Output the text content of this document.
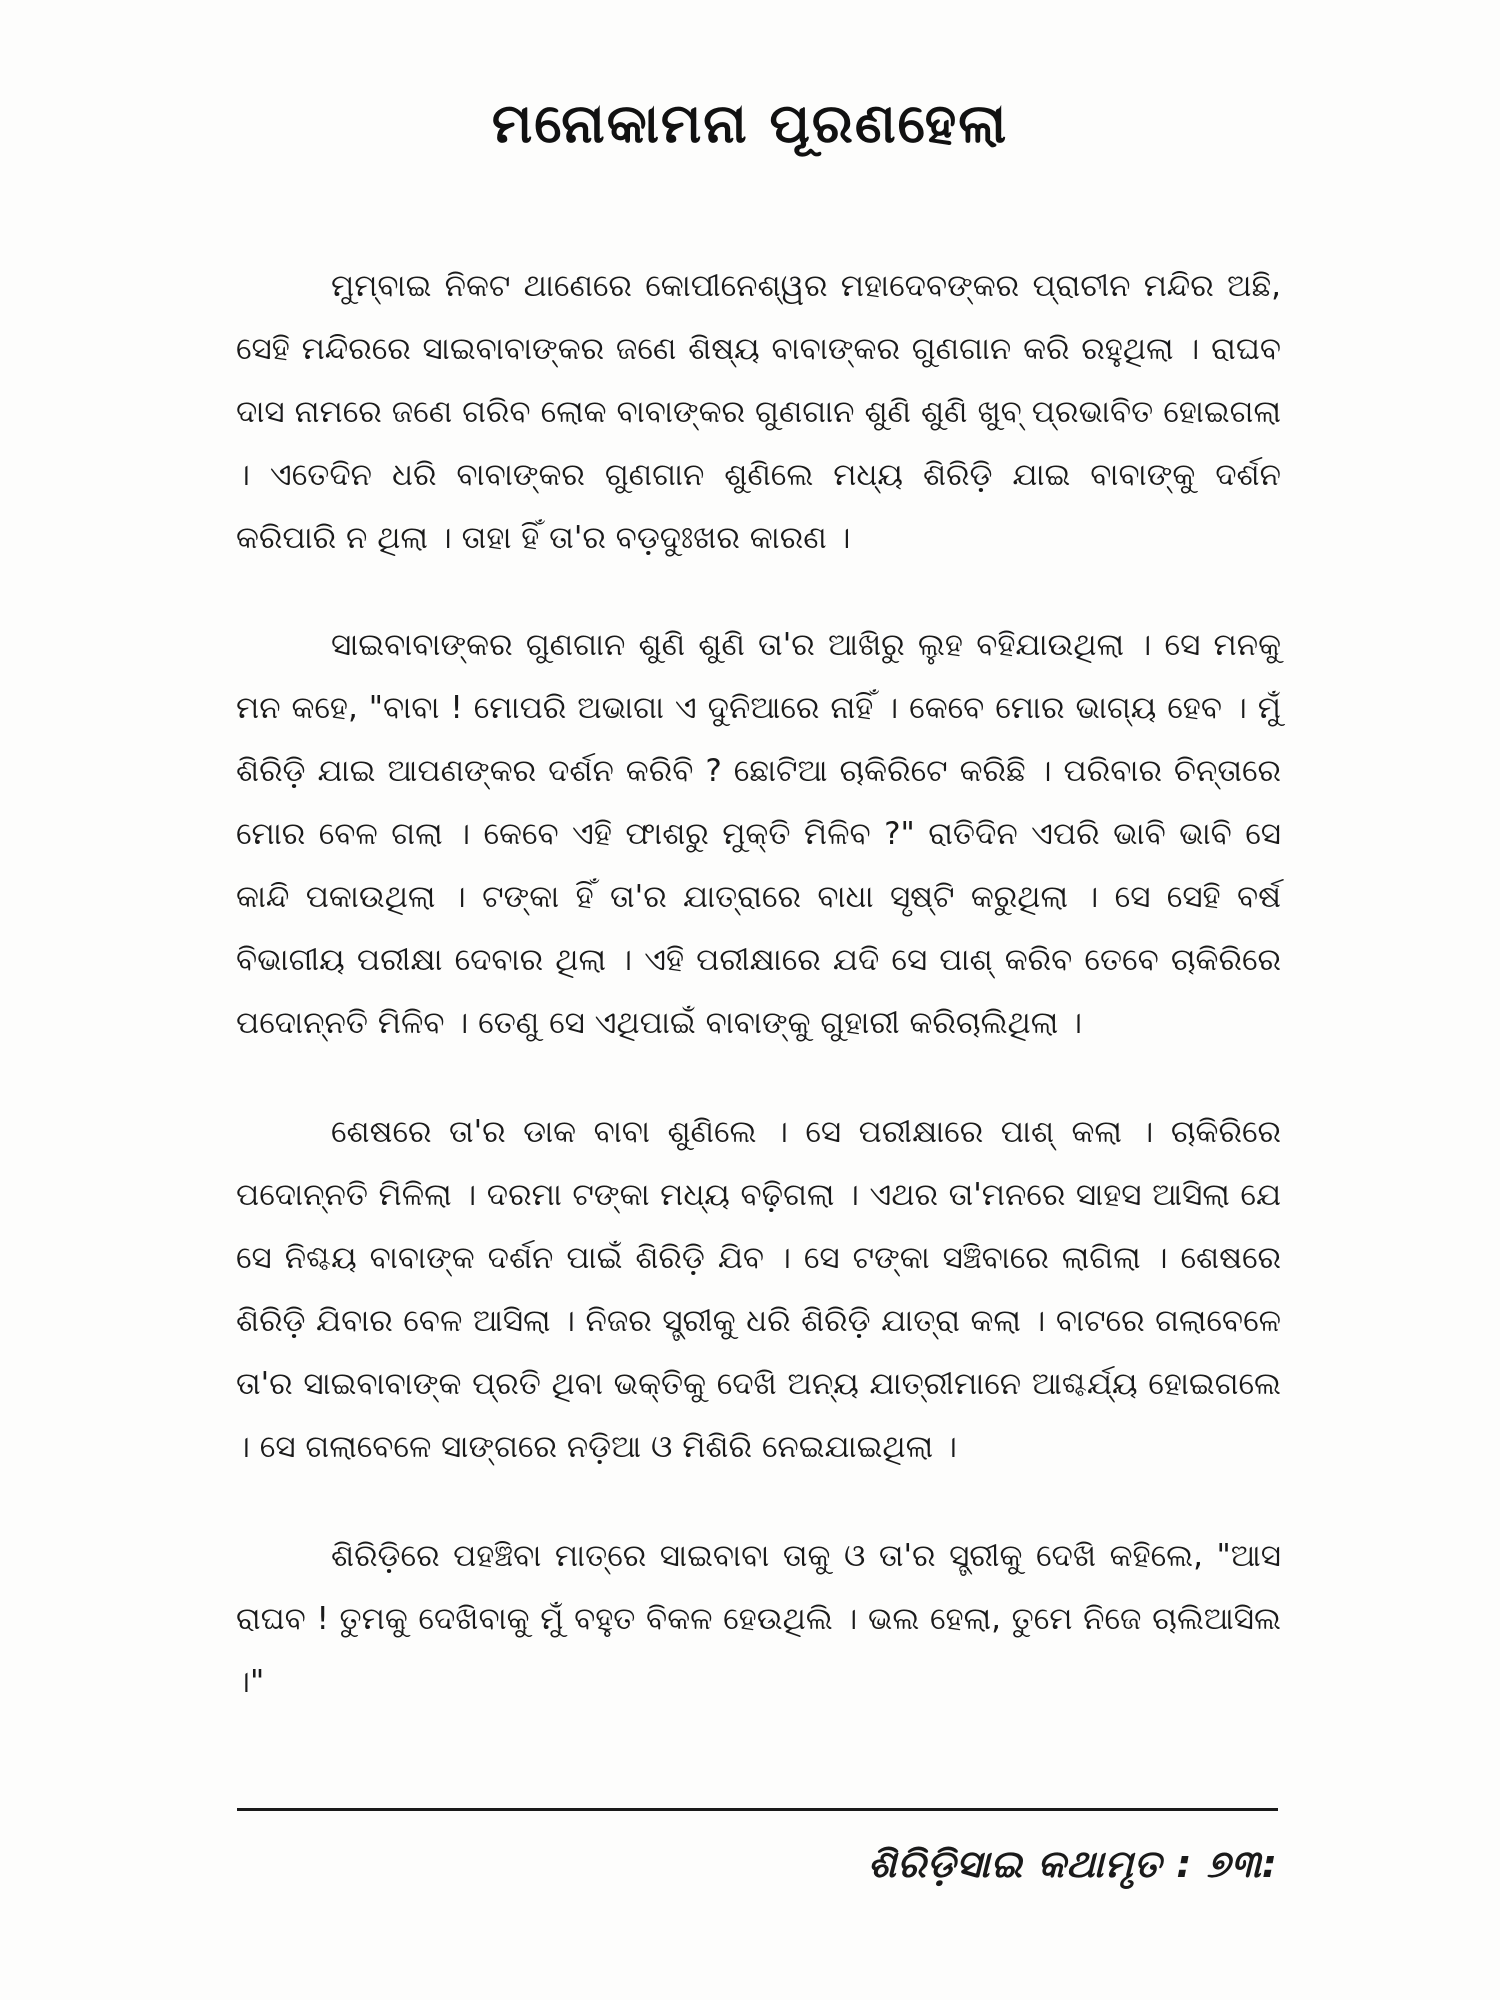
ମନୋକାମନା ପୂରଣହେଲା

ମୁମ୍ବାଇ ନିକଟ ଥାଣେରେ କୋପୀନେଶ୍ୱର ମହାଦେବଙ୍କର ପ୍ରାଚୀନ ମନ୍ଦିର ଅଛି, ସେହି ମନ୍ଦିରରେ ସାଇବାବାଙ୍କର ଜଣେ ଶିଷ୍ୟ ବାବାଙ୍କର ଗୁଣଗାନ କରି ରହୁଥିଲା । ରାଘବ ଦାସ ନାମରେ ଜଣେ ଗରିବ ଲୋକ ବାବାଙ୍କର ଗୁଣଗାନ ଶୁଣି ଶୁଣି ଖୁବ୍ ପ୍ରଭାବିତ ହୋଇଗଲା । ଏତେଦିନ ଧରି ବାବାଙ୍କର ଗୁଣଗାନ ଶୁଣିଲେ ମଧ୍ୟ ଶିରିଡ଼ି ଯାଇ ବାବାଙ୍କୁ ଦର୍ଶନ କରିପାରି ନ ଥିଲା । ତାହା ହିଁ ତା'ର ବଡ଼ଦୁଃଖର କାରଣ ।

ସାଇବାବାଙ୍କର ଗୁଣଗାନ ଶୁଣି ଶୁଣି ତା'ର ଆଖିରୁ ଲୁହ ବହିଯାଉଥିଲା । ସେ ମନକୁ ମନ କହେ, "ବାବା ! ମୋପରି ଅଭାଗା ଏ ଦୁନିଆରେ ନାହିଁ । କେବେ ମୋର ଭାଗ୍ୟ ହେବ । ମୁଁ ଶିରିଡ଼ି ଯାଇ ଆପଣଙ୍କର ଦର୍ଶନ କରିବି ? ଛୋଟିଆ ଚାକିରିଟେ କରିଛି । ପରିବାର ଚିନ୍ତାରେ ମୋର ବେଳ ଗଲା । କେବେ ଏହି ଫାଶରୁ ମୁକ୍ତି ମିଳିବ ?" ରାତିଦିନ ଏପରି ଭାବି ଭାବି ସେ କାନ୍ଦି ପକାଉଥିଲା । ଟଙ୍କା ହିଁ ତା'ର ଯାତ୍ରାରେ ବାଧା ସୃଷ୍ଟି କରୁଥିଲା । ସେ ସେହି ବର୍ଷ ବିଭାଗୀୟ ପରୀକ୍ଷା ଦେବାର ଥିଲା । ଏହି ପରୀକ୍ଷାରେ ଯଦି ସେ ପାଶ୍ କରିବ ତେବେ ଚାକିରିରେ ପଦୋନ୍ନତି ମିଳିବ । ତେଣୁ ସେ ଏଥିପାଇଁ ବାବାଙ୍କୁ ଗୁହାରୀ କରିଚାଲିଥିଲା ।

ଶେଷରେ ତା'ର ଡାକ ବାବା ଶୁଣିଲେ । ସେ ପରୀକ୍ଷାରେ ପାଶ୍ କଲା । ଚାକିରିରେ ପଦୋନ୍ନତି ମିଳିଲା । ଦରମା ଟଙ୍କା ମଧ୍ୟ ବଢ଼ିଗଲା । ଏଥର ତା'ମନରେ ସାହସ ଆସିଲା ଯେ ସେ ନିଶ୍ଚୟ ବାବାଙ୍କ ଦର୍ଶନ ପାଇଁ ଶିରିଡ଼ି ଯିବ । ସେ ଟଙ୍କା ସଞ୍ଚିବାରେ ଲାଗିଲା । ଶେଷରେ ଶିରିଡ଼ି ଯିବାର ବେଳ ଆସିଲା । ନିଜର ସ୍ତ୍ରୀକୁ ଧରି ଶିରିଡ଼ି ଯାତ୍ରା କଲା । ବାଟରେ ଗଲାବେଳେ ତା'ର ସାଇବାବାଙ୍କ ପ୍ରତି ଥିବା ଭକ୍ତିକୁ ଦେଖି ଅନ୍ୟ ଯାତ୍ରୀମାନେ ଆଶ୍ଚର୍ଯ୍ୟ ହୋଇଗଲେ । ସେ ଗଲାବେଳେ ସାଙ୍ଗରେ ନଡ଼ିଆ ଓ ମିଶିରି ନେଇଯାଇଥିଲା ।

ଶିରିଡ଼ିରେ ପହଞ୍ଚିବା ମାତ୍ରେ ସାଇବାବା ତାକୁ ଓ ତା'ର ସ୍ତ୍ରୀକୁ ଦେଖି କହିଲେ, "ଆସ ରାଘବ ! ତୁମକୁ ଦେଖିବାକୁ ମୁଁ ବହୁତ ବିକଳ ହେଉଥିଲି । ଭଲ ହେଲା, ତୁମେ ନିଜେ ଚାଲିଆସିଲ ।"

ଶିରିଡ଼ିସାଇ କଥାମୃତ : ୭୩:
